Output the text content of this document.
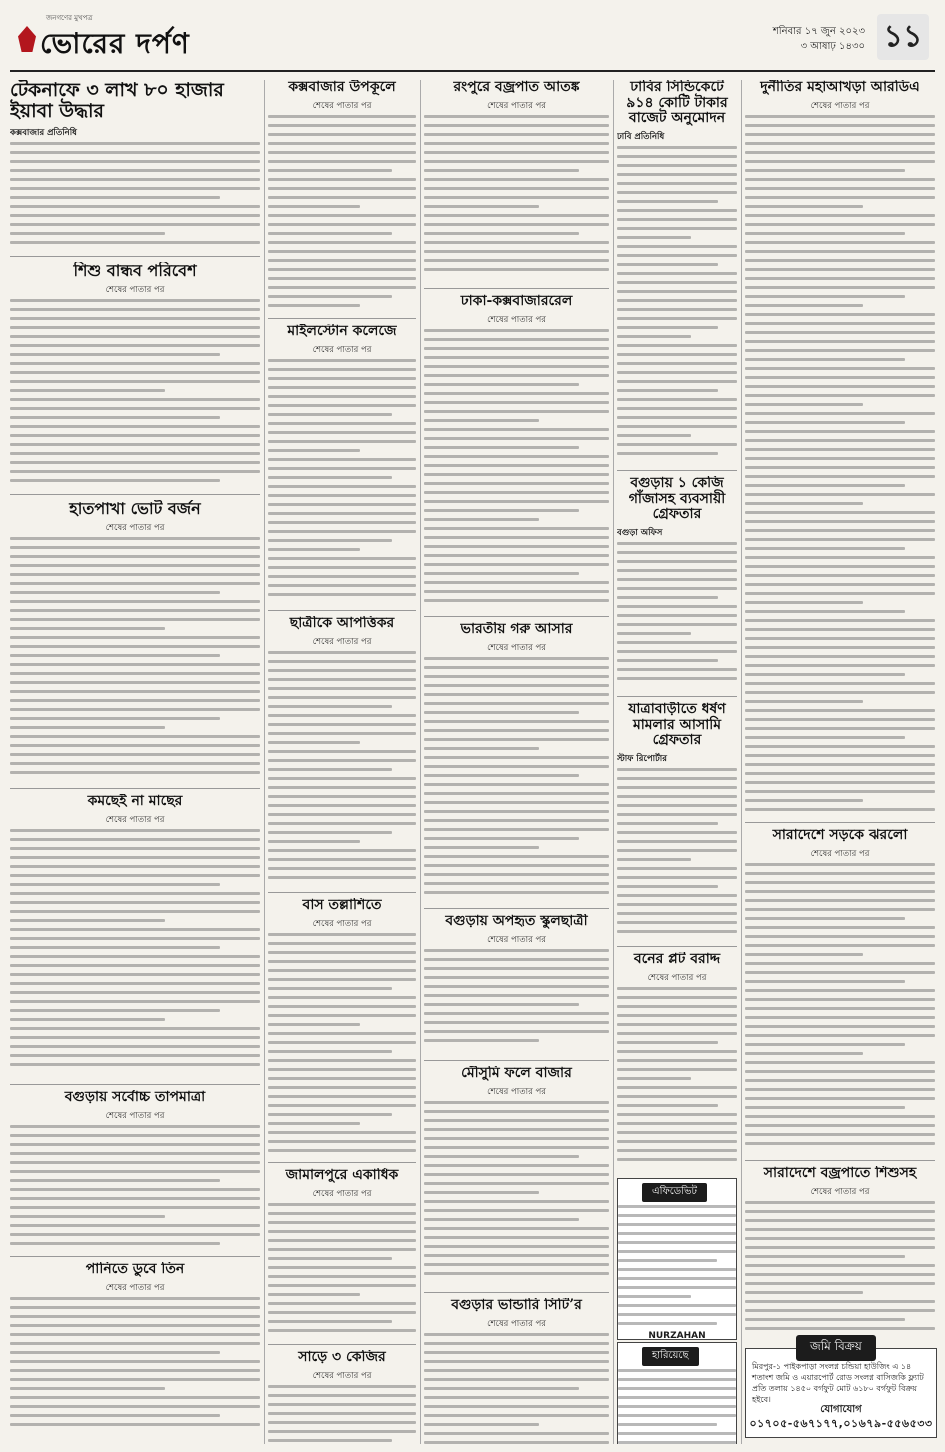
জনগণের মুখপত্র
ভোরের দর্পণ	শনিবার ১৭ জুন ২০২৩
৩ আষাঢ় ১৪৩০ ১১
টেকনাফে ৩ লাখ ৮০ হাজার ইয়াবা উদ্ধার
কক্সবাজার প্রতিনিধি
শিশু বান্ধব পরিবেশ
শেষের পাতার পর
হাতপাখা ভোট বর্জন
শেষের পাতার পর
কমছেই না মাছের
শেষের পাতার পর
বগুড়ায় সর্বোচ্চ তাপমাত্রা
শেষের পাতার পর
পানিতে ডুবে তিন
শেষের পাতার পর
কক্সবাজার উপকূলে
শেষের পাতার পর
মাইলস্টোন কলেজে
শেষের পাতার পর
ছাত্রীকে আপত্তিকর
শেষের পাতার পর
বাস তল্লাশিতে
শেষের পাতার পর
জামালপুরে একাধিক
শেষের পাতার পর
সাড়ে ৩ কেজির
শেষের পাতার পর
রংপুরে বজ্রপাত আতঙ্ক
শেষের পাতার পর
ঢাকা-কক্সবাজাররেল
শেষের পাতার পর
ভারতীয় গরু আসার
শেষের পাতার পর
বগুড়ায় অপহৃত স্কুলছাত্রী
শেষের পাতার পর
মৌসুমি ফলে বাজার
শেষের পাতার পর
বগুড়ার ভান্ডারি সিটি’র
শেষের পাতার পর
ঢাবির সিন্ডিকেটে ৯১৪ কোটি টাকার বাজেট অনুমোদন
ঢাবি প্রতিনিধি
বগুড়ায় ১ কেজি গাঁজাসহ ব্যবসায়ী গ্রেফতার
বগুড়া অফিস
যাত্রাবাড়ীতে ধর্ষণ মামলার আসামি গ্রেফতার
স্টাফ রিপোর্টার
বনের প্লট বরাদ্দ
শেষের পাতার পর
এফিডেভিট
NURZAHAN
হারিয়েছে
দুর্নীতির মহাআখড়া আরডিএ
শেষের পাতার পর
সারাদেশে সড়কে ঝরলো
শেষের পাতার পর
সারাদেশে বজ্রপাতে শিশুসহ
শেষের পাতার পর
জমি বিক্রয়
মিরপুর-১ পাইকপাড়া সংলগ্ন চন্ডিয়া হাউজিং এ ১৪ শতাংশ জমি ও এয়ারপোর্ট রোড সংলগ্ন বাসিজকি ফ্ল্যাট প্রতি তলায় ১৪৫০ বর্গফুট মোট ৬১৮০ বর্গফুট বিক্রয় হইবে।
যোগাযোগ
০১৭০৫-৫৬৭১৭৭,০১৬৭৯-৫৫৬৫৩৩
